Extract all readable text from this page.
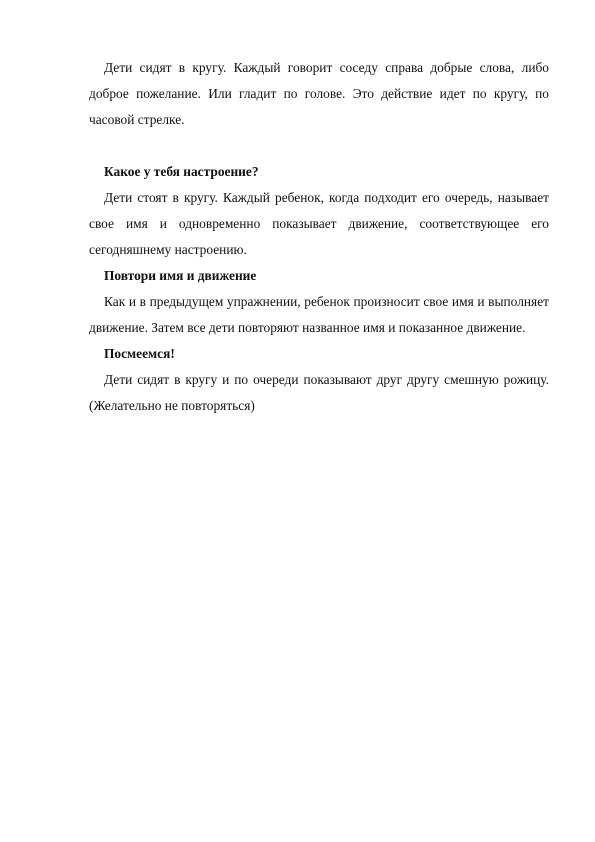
Дети сидят в кругу. Каждый говорит соседу справа добрые слова, либо доброе пожелание. Или гладит по голове. Это действие идет по кругу, по часовой стрелке.

Какое у тебя настроение?

Дети стоят в кругу. Каждый ребенок, когда подходит его очередь, называет свое имя и одновременно показывает движение, соответствующее его сегодняшнему настроению.

Повтори имя и движение

Как и в предыдущем упражнении, ребенок произносит свое имя и выполняет движение. Затем все дети повторяют названное имя и показанное движение.

Посмеемся!

Дети сидят в кругу и по очереди показывают друг другу смешную рожицу. (Желательно не повторяться)
